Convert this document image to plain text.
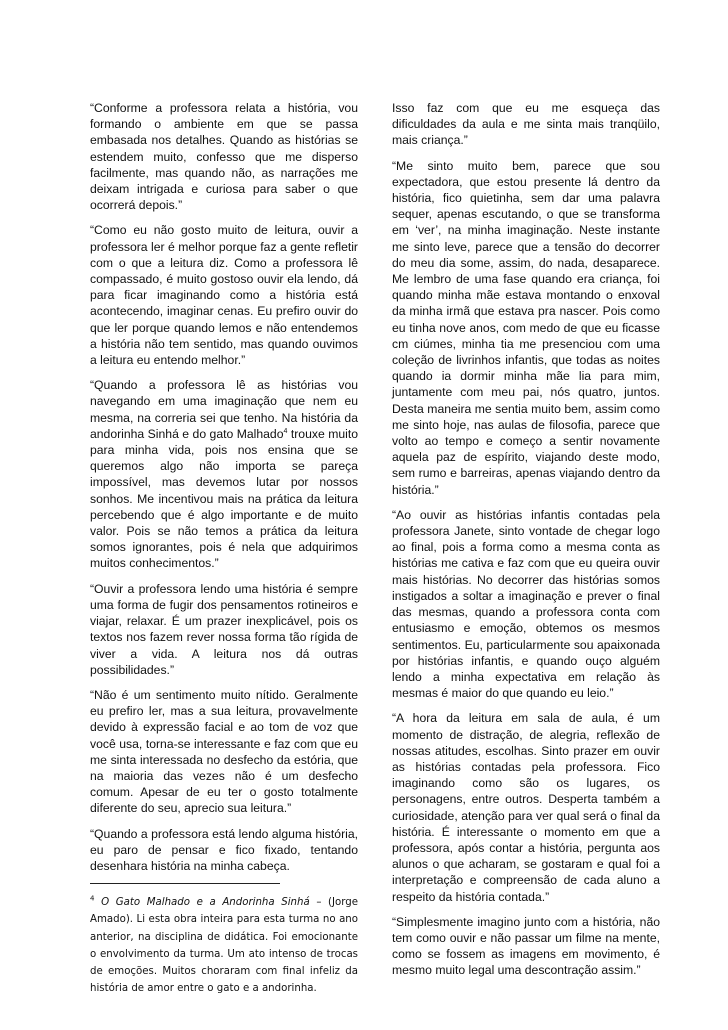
“Conforme a professora relata a história, vou formando o ambiente em que se passa embasada nos detalhes. Quando as histórias se estendem muito, confesso que me disperso facilmente, mas quando não, as narrações me deixam intrigada e curiosa para saber o que ocorrerá depois.”

“Como eu não gosto muito de leitura, ouvir a professora ler é melhor porque faz a gente refletir com o que a leitura diz. Como a professora lê compassado, é muito gostoso ouvir ela lendo, dá para ficar imaginando como a história está acontecendo, imaginar cenas. Eu prefiro ouvir do que ler porque quando lemos e não entendemos a história não tem sentido, mas quando ouvimos a leitura eu entendo melhor.”

“Quando a professora lê as histórias vou navegando em uma imaginação que nem eu mesma, na correria sei que tenho. Na história da andorinha Sinhá e do gato Malhado$^4$ trouxe muito para minha vida, pois nos ensina que se queremos algo não importa se pareça impossível, mas devemos lutar por nossos sonhos. Me incentivou mais na prática da leitura percebendo que é algo importante e de muito valor. Pois se não temos a prática da leitura somos ignorantes, pois é nela que adquirimos muitos conhecimentos.”

“Ouvir a professora lendo uma história é sempre uma forma de fugir dos pensamentos rotineiros e viajar, relaxar. É um prazer inexplicável, pois os textos nos fazem rever nossa forma tão rígida de viver a vida. A leitura nos dá outras possibilidades.”

“Não é um sentimento muito nítido. Geralmente eu prefiro ler, mas a sua leitura, provavelmente devido à expressão facial e ao tom de voz que você usa, torna-se interessante e faz com que eu me sinta interessada no desfecho da estória, que na maioria das vezes não é um desfecho comum. Apesar de eu ter o gosto totalmente diferente do seu, aprecio sua leitura.”

“Quando a professora está lendo alguma história, eu paro de pensar e fico fixado, tentando desenhara história na minha cabeça.

$^4$ O Gato Malhado e a Andorinha Sinhá – (Jorge Amado). Li esta obra inteira para esta turma no ano anterior, na disciplina de didática. Foi emocionante o envolvimento da turma. Um ato intenso de trocas de emoções. Muitos choraram com final infeliz da história de amor entre o gato e a andorinha.

Isso faz com que eu me esqueça das dificuldades da aula e me sinta mais tranqüilo, mais criança.”

“Me sinto muito bem, parece que sou expectadora, que estou presente lá dentro da história, fico quietinha, sem dar uma palavra sequer, apenas escutando, o que se transforma em ‘ver’, na minha imaginação. Neste instante me sinto leve, parece que a tensão do decorrer do meu dia some, assim, do nada, desaparece. Me lembro de uma fase quando era criança, foi quando minha mãe estava montando o enxoval da minha irmã que estava pra nascer. Pois como eu tinha nove anos, com medo de que eu ficasse cm ciúmes, minha tia me presenciou com uma coleção de livrinhos infantis, que todas as noites quando ia dormir minha mãe lia para mim, juntamente com meu pai, nós quatro, juntos. Desta maneira me sentia muito bem, assim como me sinto hoje, nas aulas de filosofia, parece que volto ao tempo e começo a sentir novamente aquela paz de espírito, viajando deste modo, sem rumo e barreiras, apenas viajando dentro da história.”

“Ao ouvir as histórias infantis contadas pela professora Janete, sinto vontade de chegar logo ao final, pois a forma como a mesma conta as histórias me cativa e faz com que eu queira ouvir mais histórias. No decorrer das histórias somos instigados a soltar a imaginação e prever o final das mesmas, quando a professora conta com entusiasmo e emoção, obtemos os mesmos sentimentos. Eu, particularmente sou apaixonada por histórias infantis, e quando ouço alguém lendo a minha expectativa em relação às mesmas é maior do que quando eu leio.”

“A hora da leitura em sala de aula, é um momento de distração, de alegria, reflexão de nossas atitudes, escolhas. Sinto prazer em ouvir as histórias contadas pela professora. Fico imaginando como são os lugares, os personagens, entre outros. Desperta também a curiosidade, atenção para ver qual será o final da história. É interessante o momento em que a professora, após contar a história, pergunta aos alunos o que acharam, se gostaram e qual foi a interpretação e compreensão de cada aluno a respeito da história contada.”

“Simplesmente imagino junto com a história, não tem como ouvir e não passar um filme na mente, como se fossem as imagens em movimento, é mesmo muito legal uma descontração assim.”
